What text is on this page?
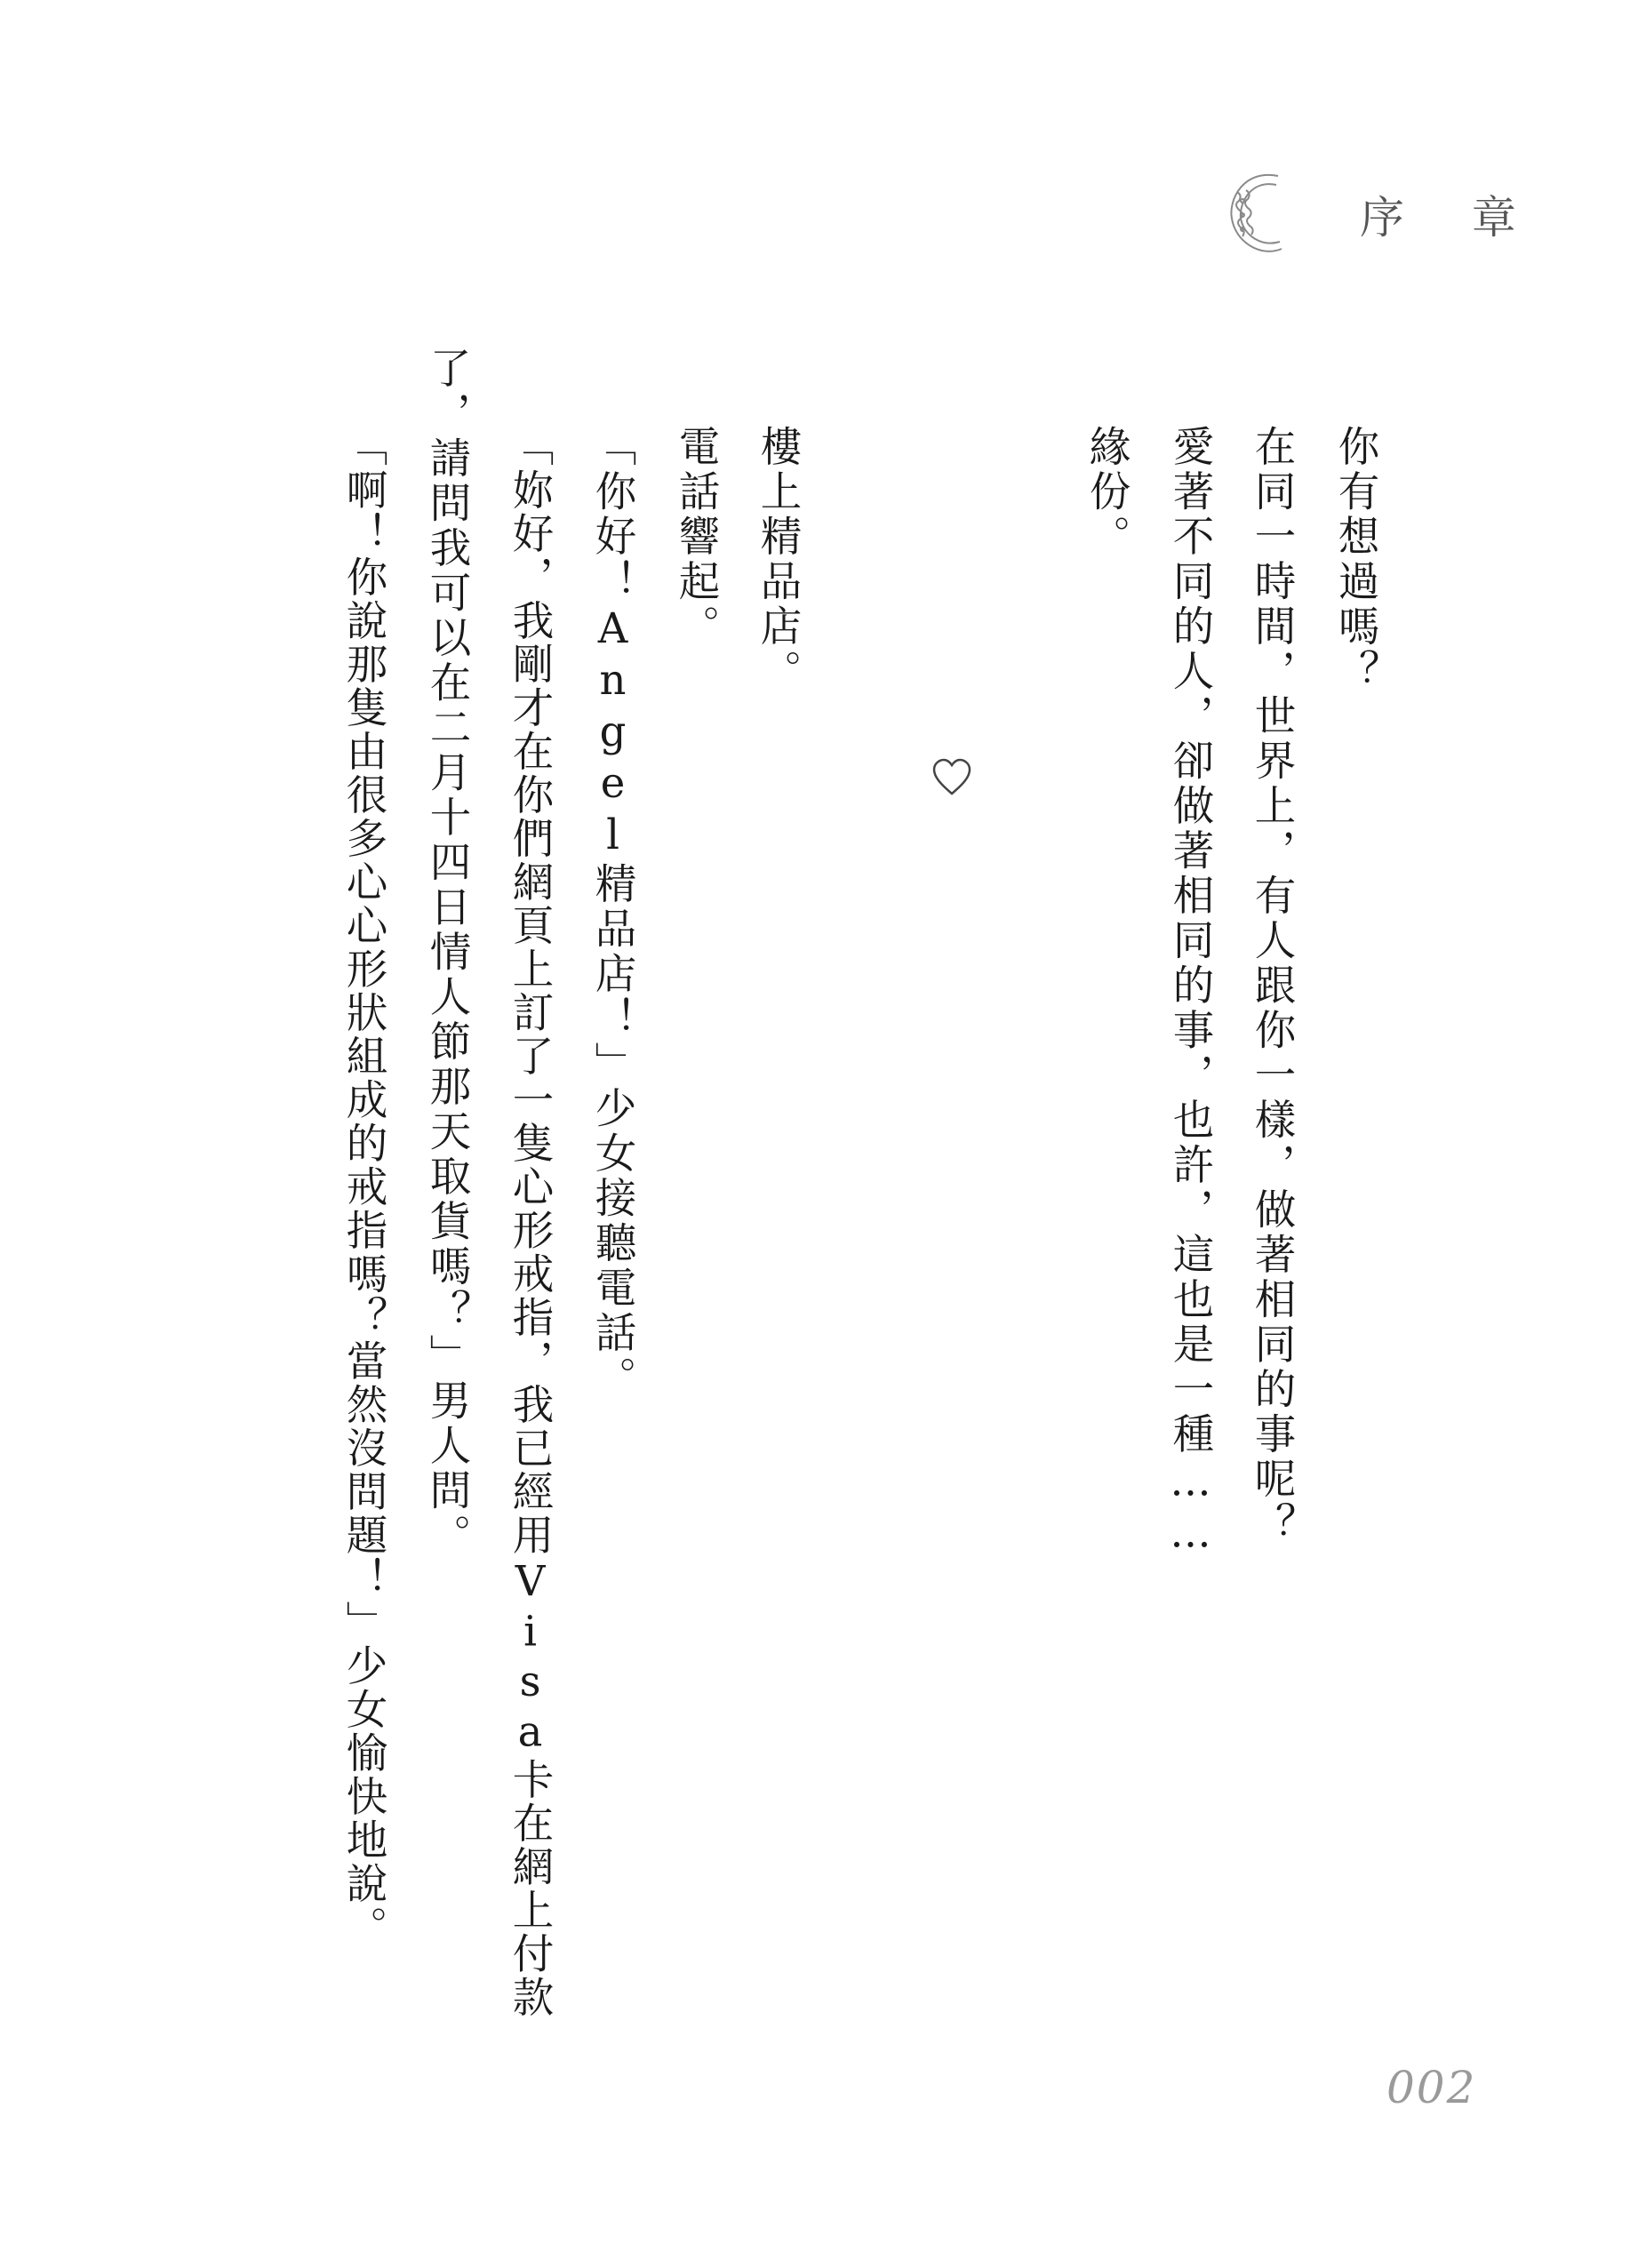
序 章
你有想過嗎？
在同一時間，世界上，有人跟你一樣，做著相同的事呢？
愛著不同的人，卻做著相同的事，也許，這也是一種……
緣份。
樓上精品店。
電話響起。
「你好！Angel精品店！」少女接聽電話。
「妳好，我剛才在你們網頁上訂了一隻心形戒指，我已經用Visa卡在網上付款
了，請問我可以在二月十四日情人節那天取貨嗎？」男人問。
「啊！你說那隻由很多心心形狀組成的戒指嗎？當然沒問題！」少女愉快地說。
002
